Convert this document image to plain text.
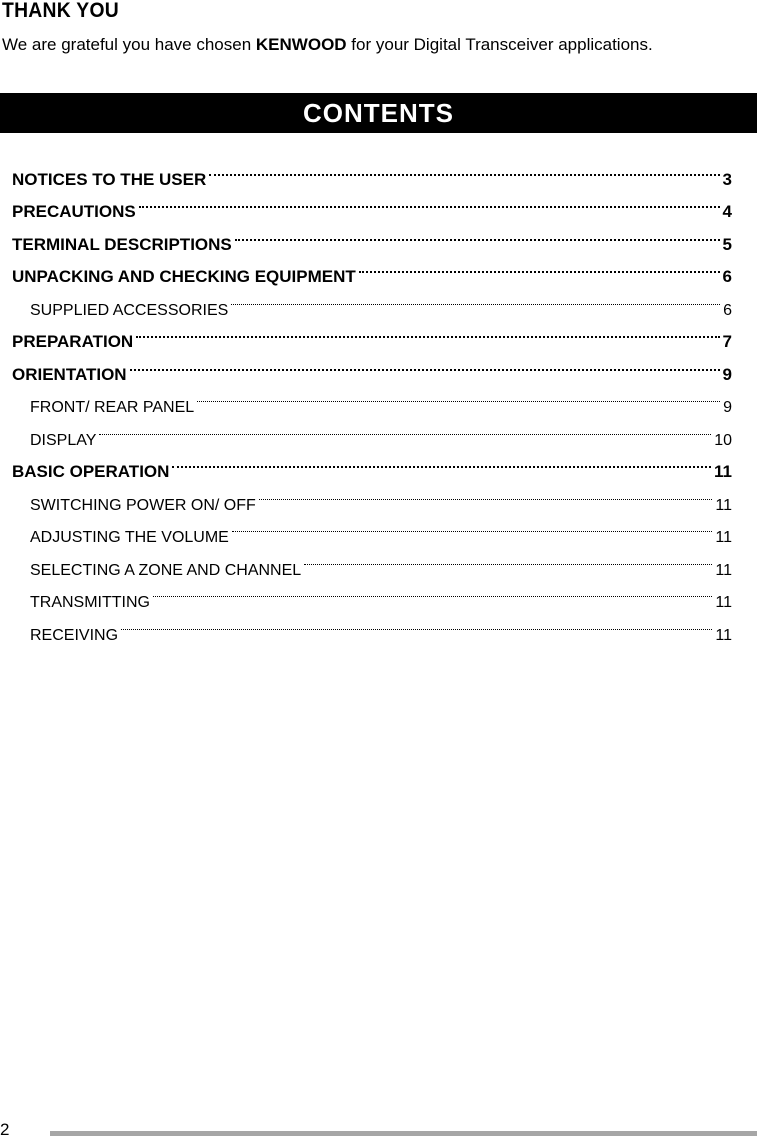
THANK YOU

We are grateful you have chosen KENWOOD for your Digital Transceiver applications.

CONTENTS
NOTICES TO THE USER	3
PRECAUTIONS	4
TERMINAL DESCRIPTIONS	5
UNPACKING AND CHECKING EQUIPMENT	6
SUPPLIED ACCESSORIES	6
PREPARATION	7
ORIENTATION	9
FRONT/ REAR PANEL	9
DISPLAY	10
BASIC OPERATION	11
SWITCHING POWER ON/ OFF	11
ADJUSTING THE VOLUME	11
SELECTING A ZONE AND CHANNEL	11
TRANSMITTING	11
RECEIVING	11
2
